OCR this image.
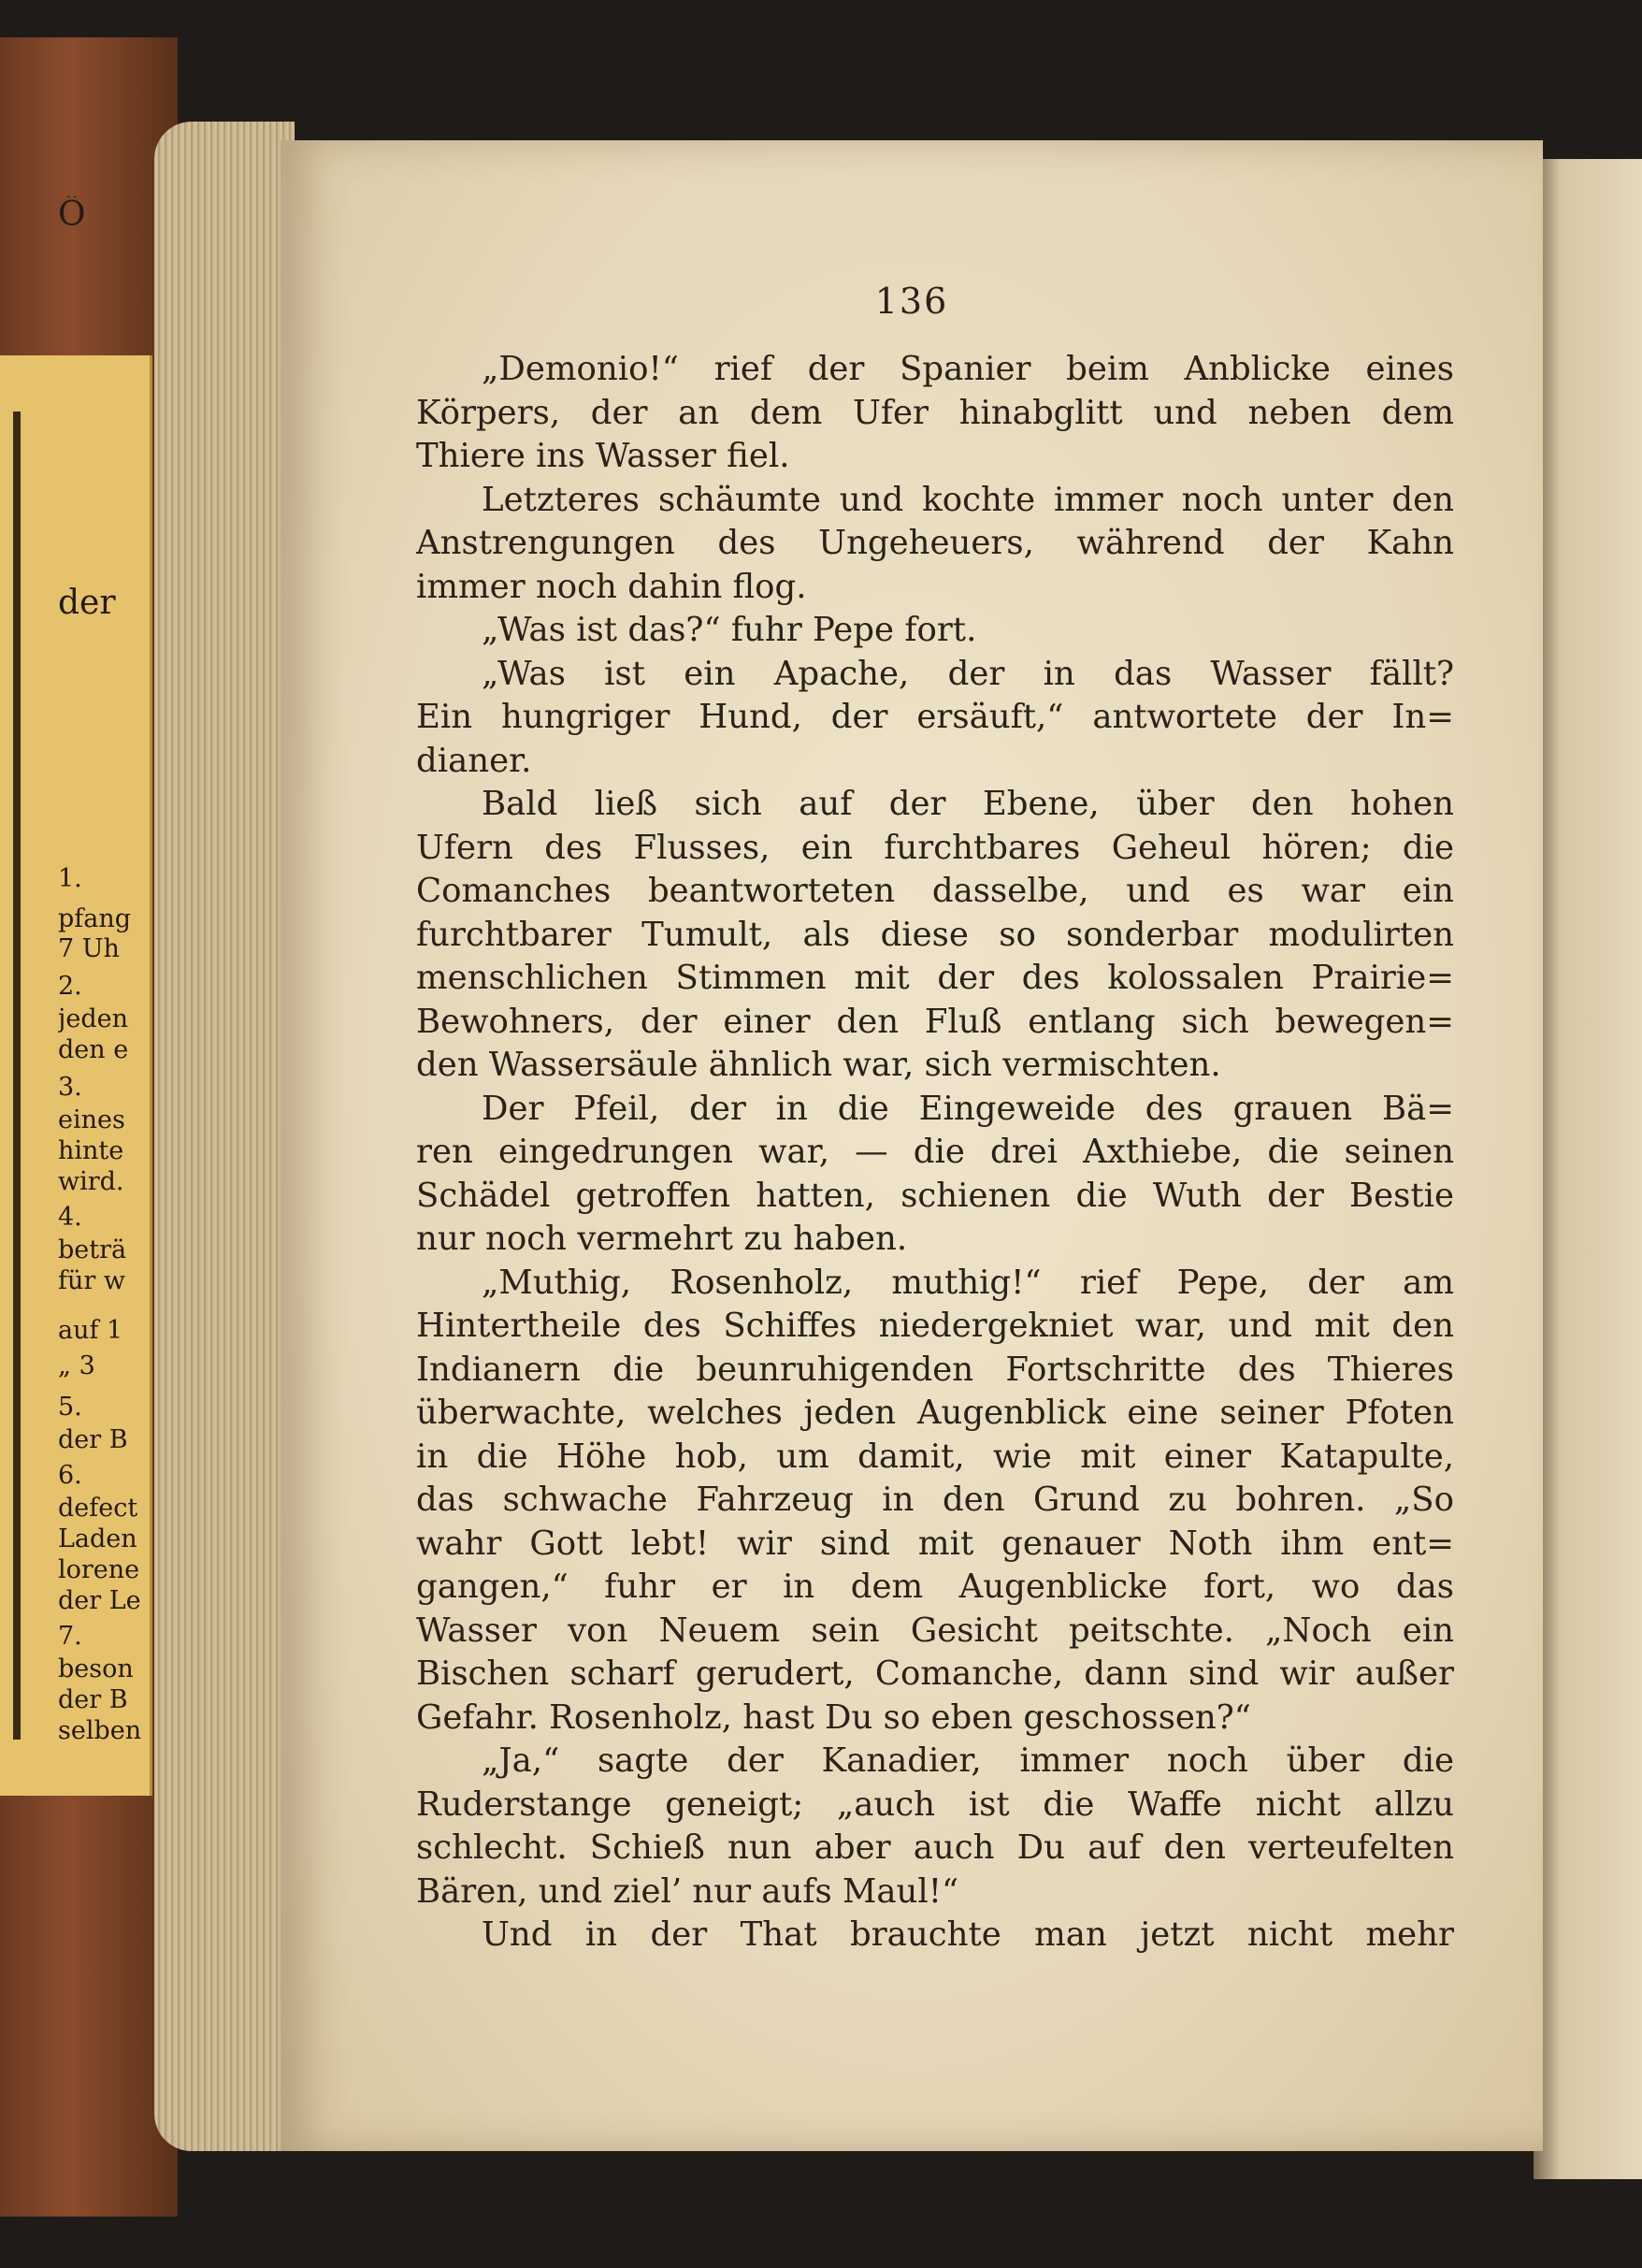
Ö
der
1.
pfang
7 Uh
2.
jeden
den e
3.
eines
hinte
wird.
4.
beträ
für w
auf 1
„ 3
5.
der B
6.
defect
Laden
lorene
der Le
7.
beson
der B
selben
136
„Demonio!“ rief der Spanier beim Anblicke eines
Körpers, der an dem Ufer hinabglitt und neben dem
Thiere ins Wasser fiel.
Letzteres schäumte und kochte immer noch unter den
Anstrengungen des Ungeheuers, während der Kahn
immer noch dahin flog.
„Was ist das?“ fuhr Pepe fort.
„Was ist ein Apache, der in das Wasser fällt?
Ein hungriger Hund, der ersäuft,“ antwortete der In=
dianer.
Bald ließ sich auf der Ebene, über den hohen
Ufern des Flusses, ein furchtbares Geheul hören; die
Comanches beantworteten dasselbe, und es war ein
furchtbarer Tumult, als diese so sonderbar modulirten
menschlichen Stimmen mit der des kolossalen Prairie=
Bewohners, der einer den Fluß entlang sich bewegen=
den Wassersäule ähnlich war, sich vermischten.
Der Pfeil, der in die Eingeweide des grauen Bä=
ren eingedrungen war, — die drei Axthiebe, die seinen
Schädel getroffen hatten, schienen die Wuth der Bestie
nur noch vermehrt zu haben.
„Muthig, Rosenholz, muthig!“ rief Pepe, der am
Hintertheile des Schiffes niedergekniet war, und mit den
Indianern die beunruhigenden Fortschritte des Thieres
überwachte, welches jeden Augenblick eine seiner Pfoten
in die Höhe hob, um damit, wie mit einer Katapulte,
das schwache Fahrzeug in den Grund zu bohren. „So
wahr Gott lebt! wir sind mit genauer Noth ihm ent=
gangen,“ fuhr er in dem Augenblicke fort, wo das
Wasser von Neuem sein Gesicht peitschte. „Noch ein
Bischen scharf gerudert, Comanche, dann sind wir außer
Gefahr. Rosenholz, hast Du so eben geschossen?“
„Ja,“ sagte der Kanadier, immer noch über die
Ruderstange geneigt; „auch ist die Waffe nicht allzu
schlecht. Schieß nun aber auch Du auf den verteufelten
Bären, und ziel’ nur aufs Maul!“
Und in der That brauchte man jetzt nicht mehr
